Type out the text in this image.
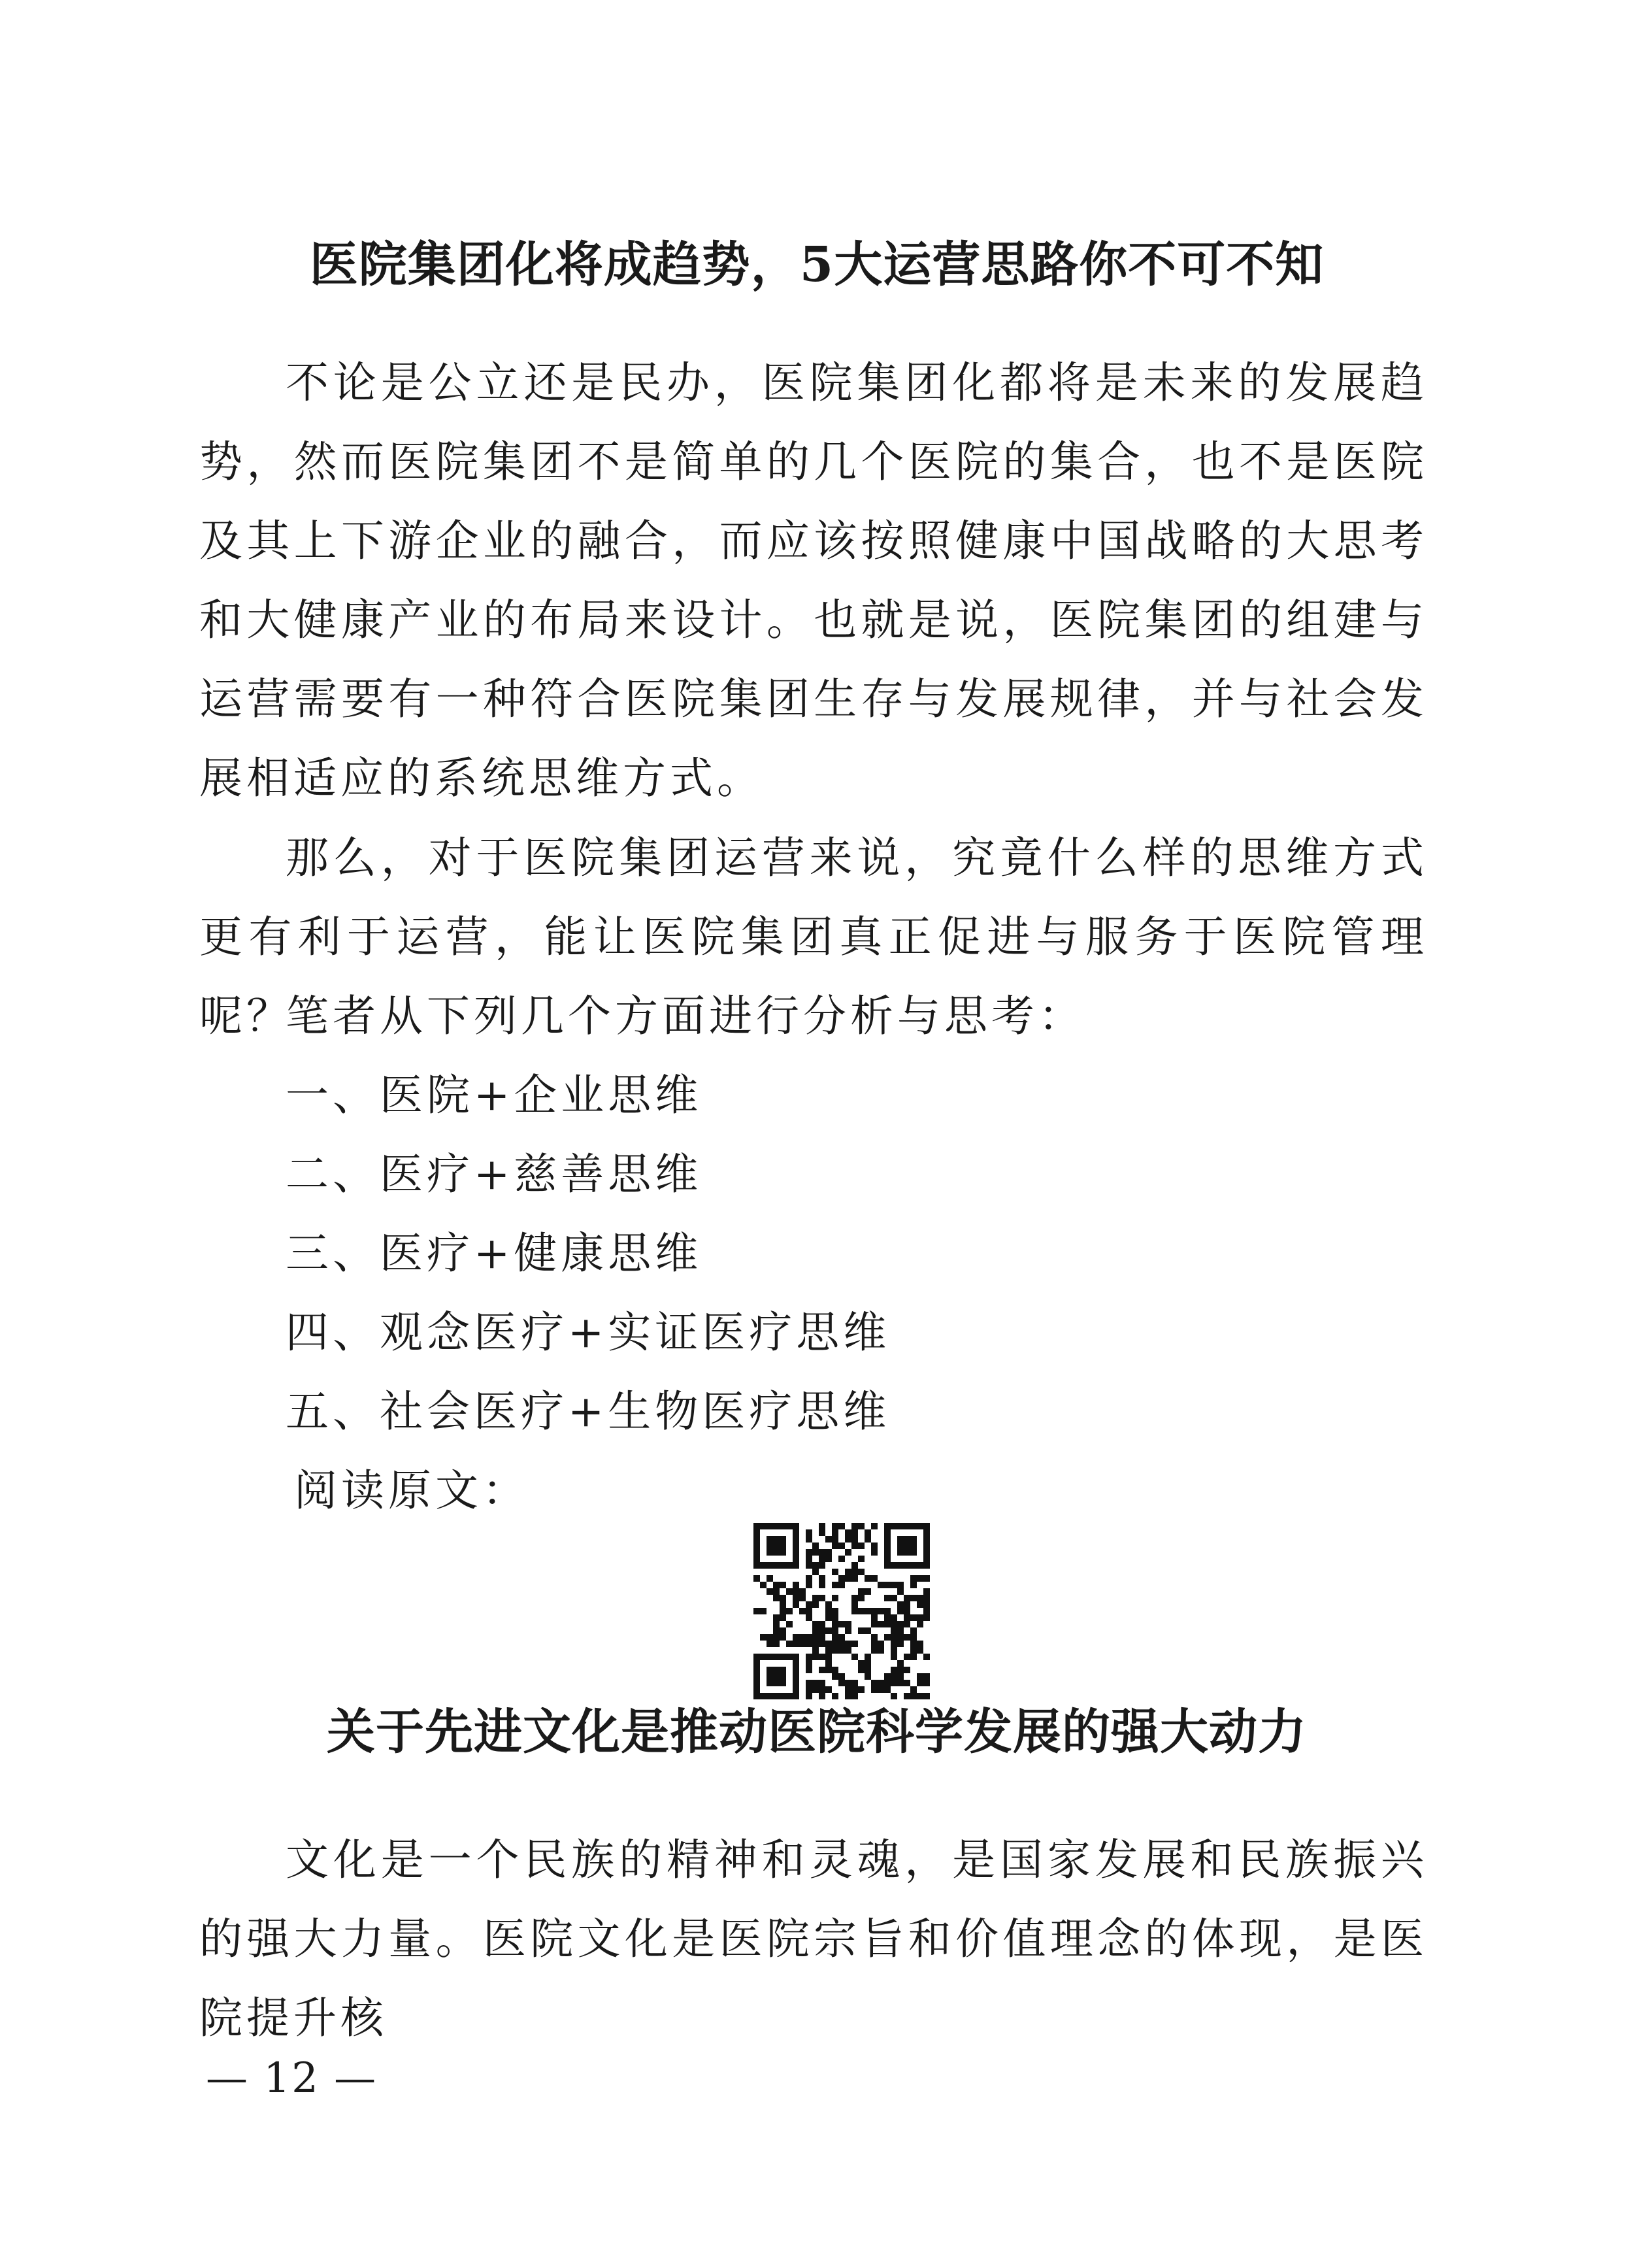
医院集团化将成趋势，5大运营思路你不可不知

不论是公立还是民办，医院集团化都将是未来的发展趋势，然而医院集团不是简单的几个医院的集合，也不是医院及其上下游企业的融合，而应该按照健康中国战略的大思考和大健康产业的布局来设计。也就是说，医院集团的组建与运营需要有一种符合医院集团生存与发展规律，并与社会发展相适应的系统思维方式。

那么，对于医院集团运营来说，究竟什么样的思维方式更有利于运营，能让医院集团真正促进与服务于医院管理呢？

笔者从下列几个方面进行分析与思考：

一、医院+企业思维
二、医疗+慈善思维
三、医疗+健康思维
四、观念医疗+实证医疗思维
五、社会医疗+生物医疗思维

阅读原文：

关于先进文化是推动医院科学发展的强大动力

文化是一个民族的精神和灵魂，是国家发展和民族振兴的强大力量。医院文化是医院宗旨和价值理念的体现，是医院提升核

— 12 —
